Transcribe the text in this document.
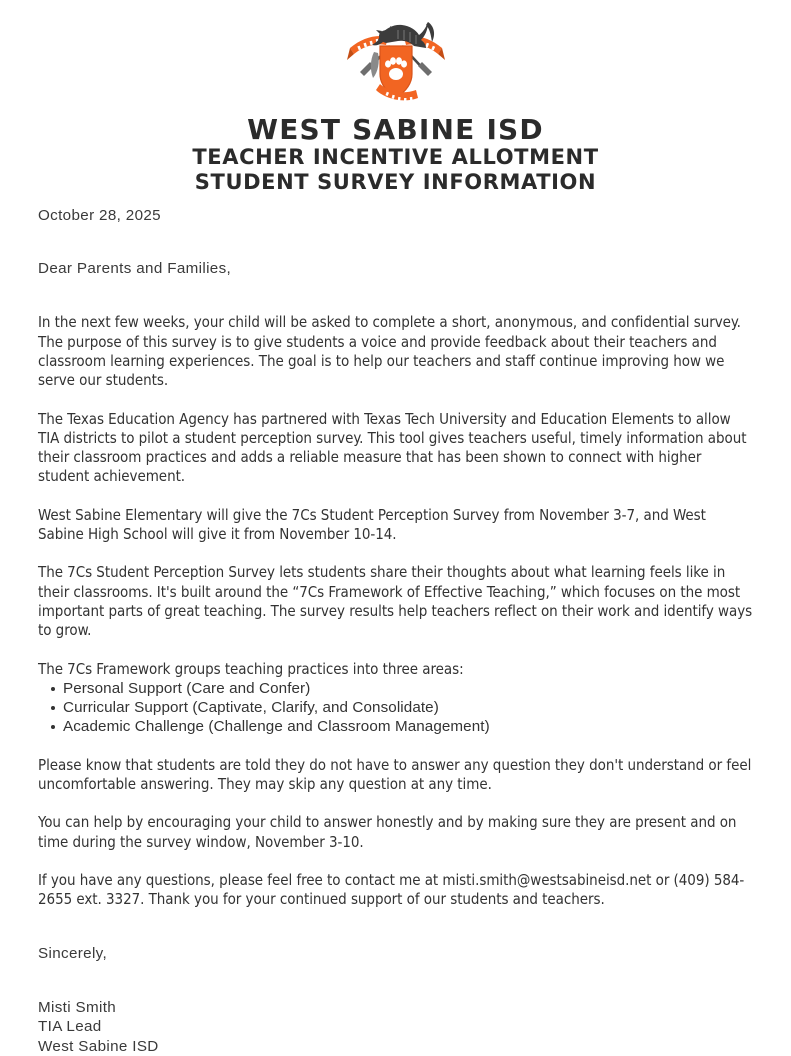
WEST SABINE ISD
TEACHER INCENTIVE ALLOTMENT
STUDENT SURVEY INFORMATION

October 28, 2025

Dear Parents and Families,

In the next few weeks, your child will be asked to complete a short, anonymous, and confidential survey. The purpose of this survey is to give students a voice and provide feedback about their teachers and classroom learning experiences. The goal is to help our teachers and staff continue improving how we serve our students.

The Texas Education Agency has partnered with Texas Tech University and Education Elements to allow TIA districts to pilot a student perception survey. This tool gives teachers useful, timely information about their classroom practices and adds a reliable measure that has been shown to connect with higher student achievement.

West Sabine Elementary will give the 7Cs Student Perception Survey from November 3-7, and West Sabine High School will give it from November 10-14.

The 7Cs Student Perception Survey lets students share their thoughts about what learning feels like in their classrooms. It's built around the “7Cs Framework of Effective Teaching,” which focuses on the most important parts of great teaching. The survey results help teachers reflect on their work and identify ways to grow.

The 7Cs Framework groups teaching practices into three areas:

Personal Support (Care and Confer)
Curricular Support (Captivate, Clarify, and Consolidate)
Academic Challenge (Challenge and Classroom Management)

Please know that students are told they do not have to answer any question they don't understand or feel uncomfortable answering. They may skip any question at any time.

You can help by encouraging your child to answer honestly and by making sure they are present and on time during the survey window, November 3-10.

If you have any questions, please feel free to contact me at misti.smith@westsabineisd.net or (409) 584-2655 ext. 3327. Thank you for your continued support of our students and teachers.

Sincerely,

Misti Smith

TIA Lead

West Sabine ISD
